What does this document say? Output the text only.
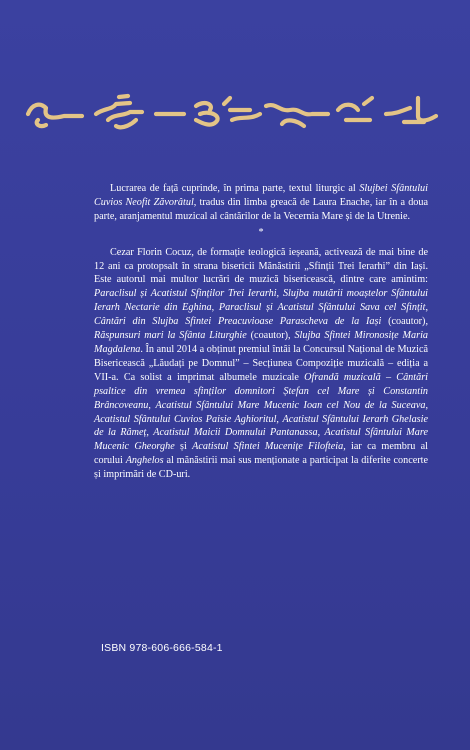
Lucrarea de față cuprinde, în prima parte, textul liturgic al Slujbei Sfântului Cuvios Neofit Zăvorâtul, tradus din limba greacă de Laura Enache, iar în a doua parte, aranjamentul muzical al cântărilor de la Vecernia Mare și de la Utrenie.

*

Cezar Florin Cocuz, de formație teologică ieșeană, activează de mai bine de 12 ani ca protopsalt în strana bisericii Mănăstirii „Sfinții Trei Ierarhi” din Iași. Este autorul mai multor lucrări de muzică bisericească, dintre care amintim: Paraclisul și Acatistul Sfinților Trei Ierarhi, Slujba mutării moaștelor Sfântului Ierarh Nectarie din Eghina, Paraclisul și Acatistul Sfântului Sava cel Sfințit, Cântări din Slujba Sfintei Preacuvioase Parascheva de la Iași (coautor), Răspunsuri mari la Sfânta Liturghie (coautor), Slujba Sfintei Mironosițe Maria Magdalena. În anul 2014 a obținut premiul întâi la Concursul Național de Muzică Bisericească „Lăudați pe Domnul” – Secțiunea Compoziție muzicală – ediția a VII-a. Ca solist a imprimat albumele muzicale Ofrandă muzicală – Cântări psaltice din vremea sfinților domnitori Ștefan cel Mare și Constantin Brâncoveanu, Acatistul Sfântului Mare Mucenic Ioan cel Nou de la Suceava, Acatistul Sfântului Cuvios Paisie Aghioritul, Acatistul Sfântului Ierarh Ghelasie de la Râmeț, Acatistul Maicii Domnului Pantanassa, Acatistul Sfântului Mare Mucenic Gheorghe și Acatistul Sfintei Mucenițe Filofteia, iar ca membru al corului Anghelos al mănăstirii mai sus menționate a participat la diferite concerte și imprimări de CD-uri.

ISBN 978-606-666-584-1
